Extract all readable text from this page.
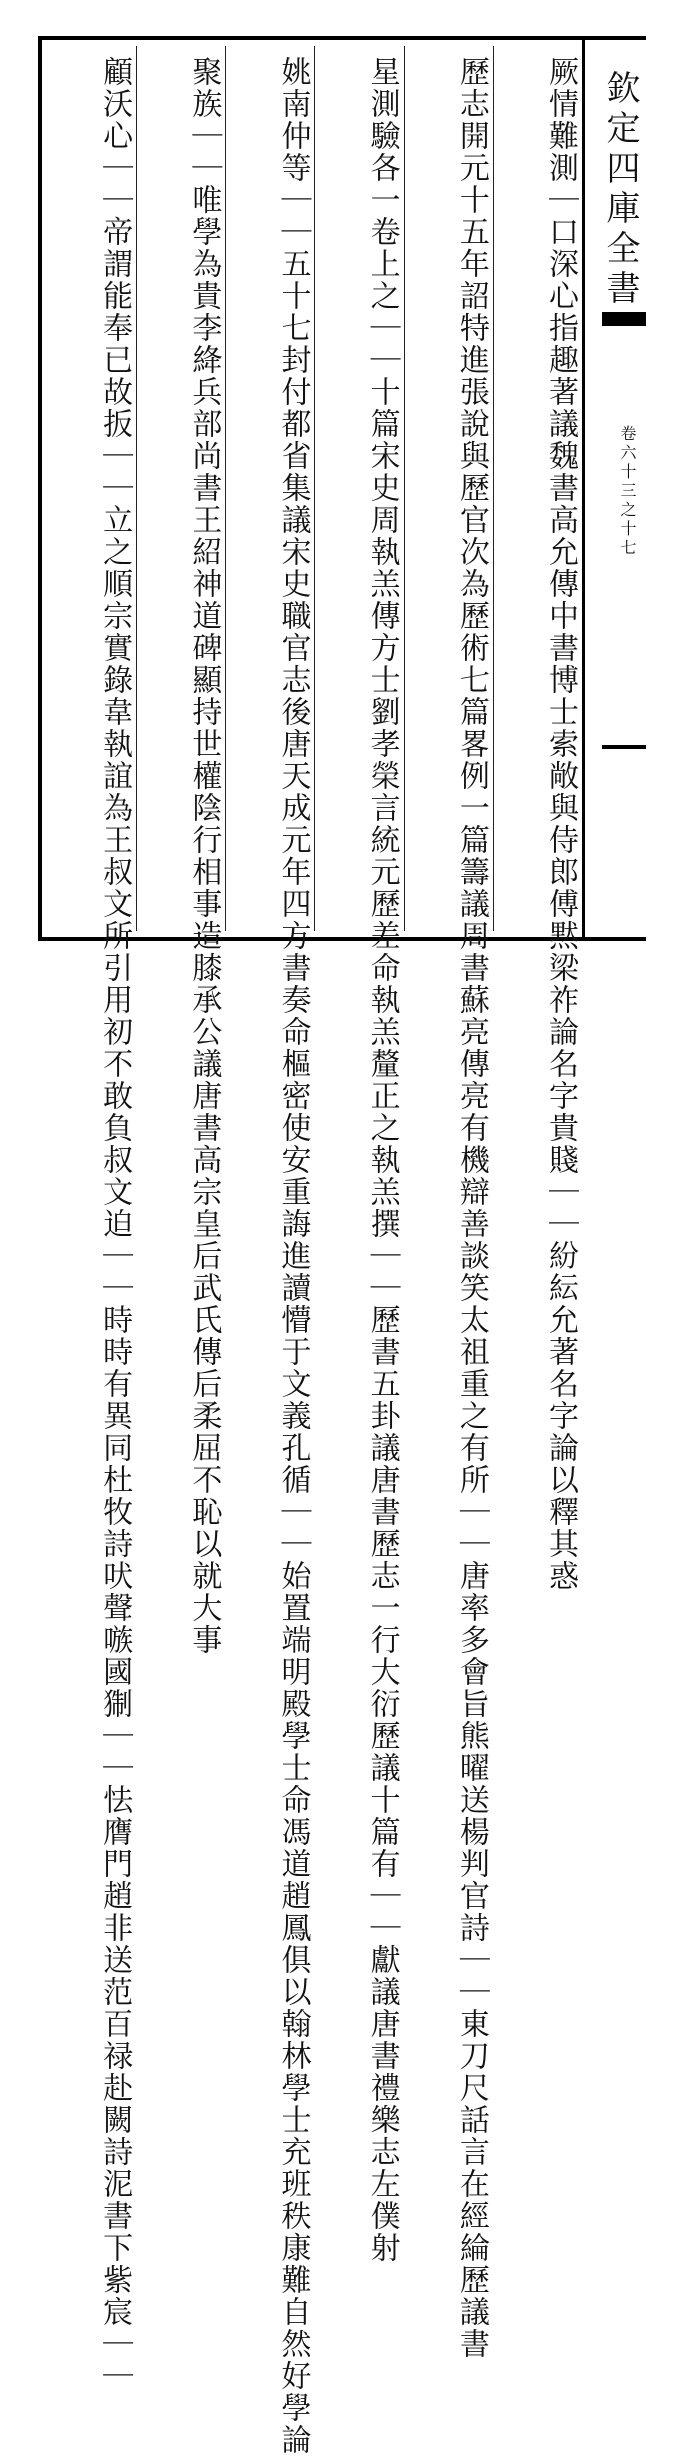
欽定四庫全書
卷六十三之十七
厥情難測｜口深心指趣著議魏書高允傳中書博士索敞與侍郎傅黙梁祚論名字貴賤｜｜紛紜允著名字論以釋其惑
歷志開元十五年詔特進張說與歷官次為歷術七篇畧例一篇籌議周書蘇亮傳亮有機辯善談笑太祖重之有所｜｜唐率多會旨熊曜送楊判官詩｜｜東刀尺話言在經綸歷議書
星測驗各一卷上之｜｜十篇宋史周執羔傳方士劉孝榮言統元歷差命執羔釐正之執羔撰｜｜歷書五卦議唐書歷志一行大衍歷議十篇有｜｜獻議唐書禮樂志左僕射
姚南仲等｜｜五十七封付都省集議宋史職官志後唐天成元年四方書奏命樞密使安重誨進讀懵于文義孔循｜｜始置端明殿學士命馮道趙鳳俱以翰林學士充班秩康難自然好學論
聚族｜｜唯學為貴李絳兵部尚書王紹神道碑顯持世權陰行相事造膝承公議唐書高宗皇后武氏傳后柔屈不恥以就大事
顧沃心｜｜帝謂能奉已故扳｜｜立之順宗實錄韋執誼為王叔文所引用初不敢負叔文迫｜｜時時有異同杜牧詩吠聲嗾國猘｜｜怯膺門趙非送范百禄赴闕詩泥書下紫宸｜｜
